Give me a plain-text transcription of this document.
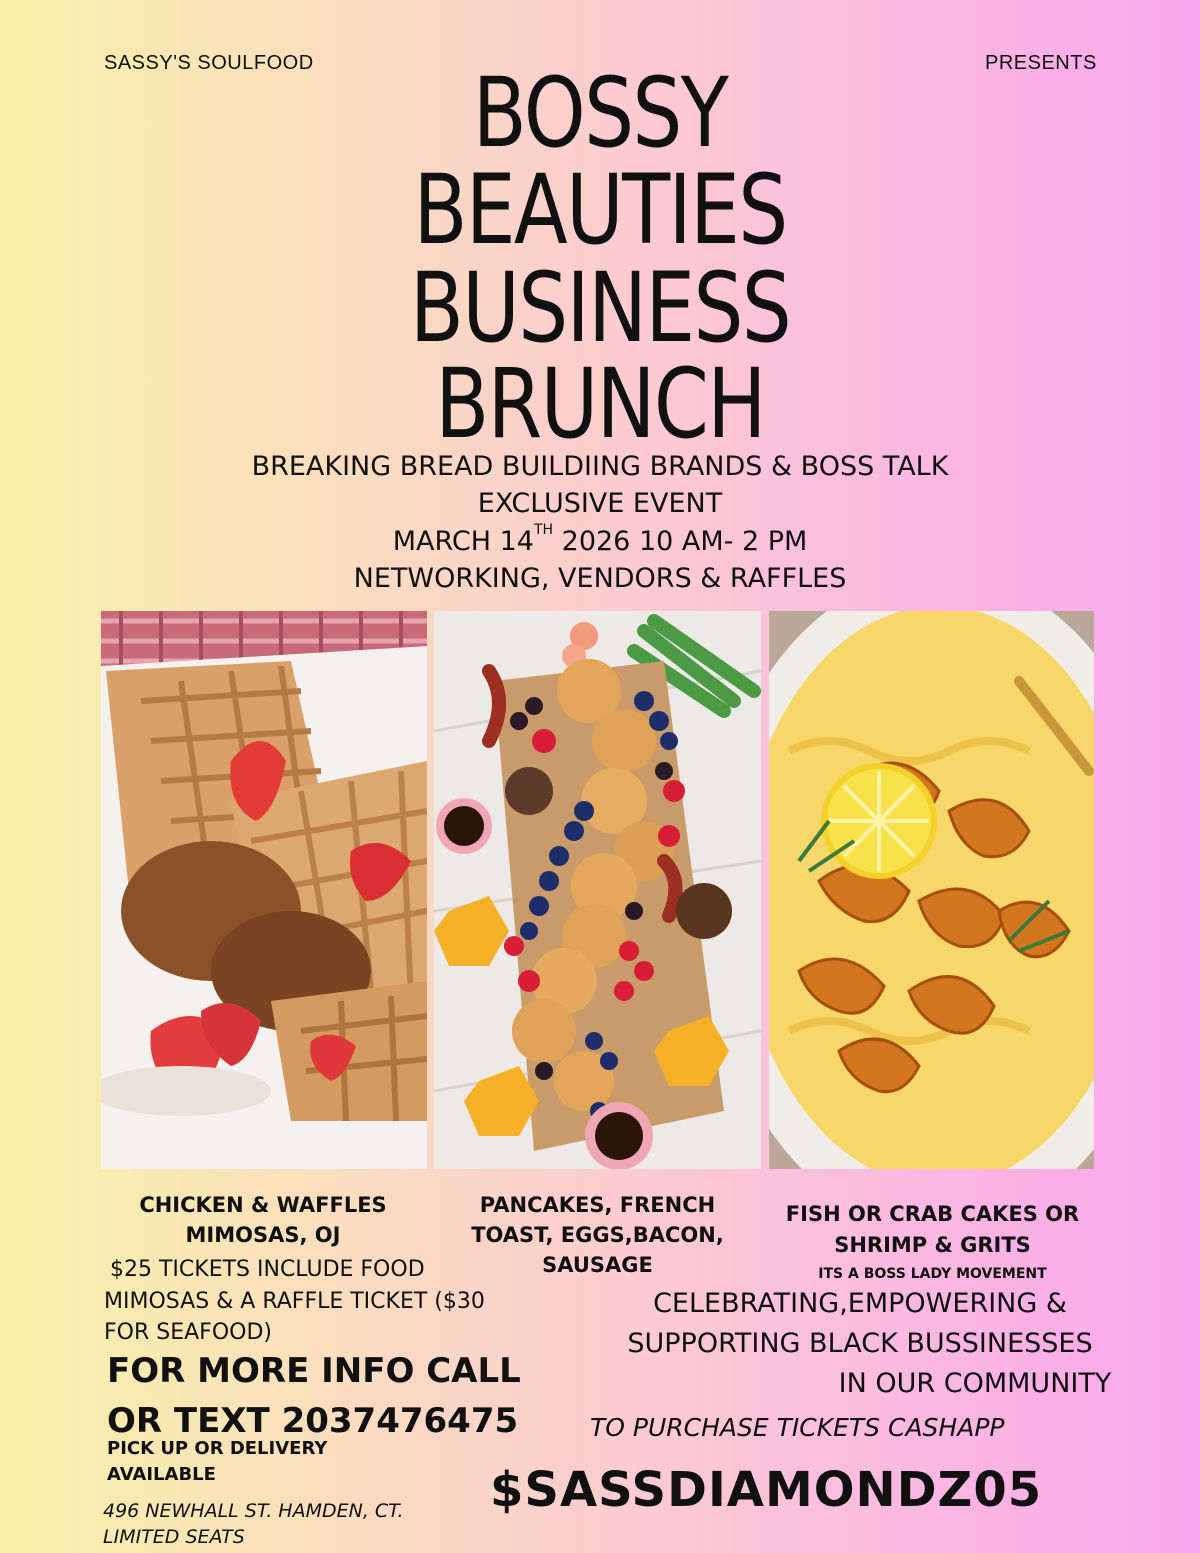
SASSY'S SOULFOOD	PRESENTS
BOSSY
BEAUTIES
BUSINESS
BRUNCH
BREAKING BREAD BUILDIING BRANDS & BOSS TALK
EXCLUSIVE EVENT
MARCH 14TH 2026 10 AM- 2 PM
NETWORKING, VENDORS & RAFFLES
CHICKEN & WAFFLES
MIMOSAS, OJ
PANCAKES, FRENCH
TOAST, EGGS,BACON,
SAUSAGE
FISH OR CRAB CAKES OR
SHRIMP & GRITS
$25 TICKETS INCLUDE FOOD
MIMOSAS & A RAFFLE TICKET ($30
FOR SEAFOOD)
FOR MORE INFO CALL
OR TEXT 2037476475
PICK UP OR DELIVERY
AVAILABLE
496 NEWHALL ST. HAMDEN, CT.
LIMITED SEATS
ITS A BOSS LADY MOVEMENT
CELEBRATING,EMPOWERING &
SUPPORTING BLACK BUSSINESSES
IN OUR COMMUNITY
TO PURCHASE TICKETS CASHAPP
$SASSDIAMONDZ05
